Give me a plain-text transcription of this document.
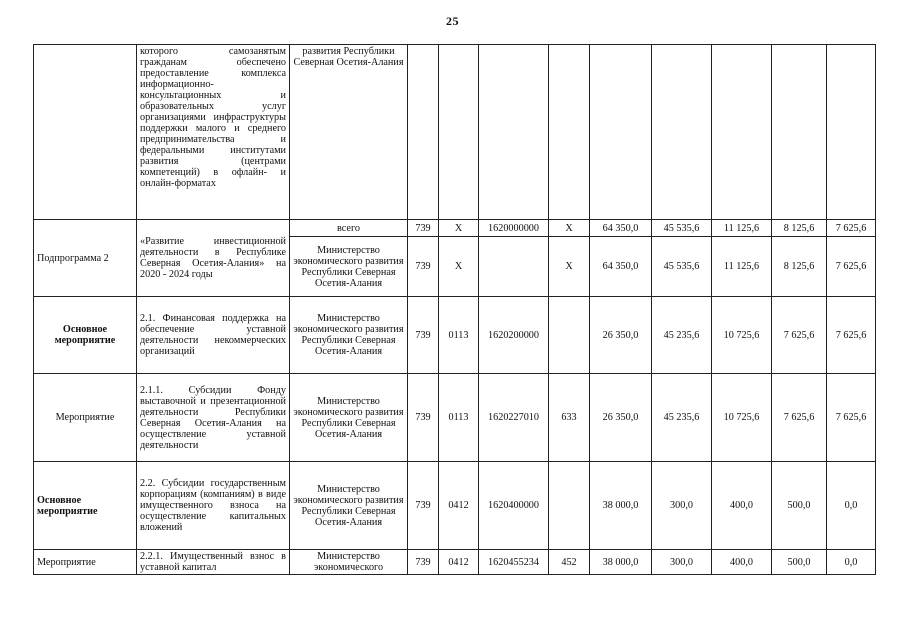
25
	которого самозанятым гражданам обеспечено предоставление комплекса информационно-консультационных и образовательных услуг организациями инфраструктуры поддержки малого и среднего предпринимательства и федеральными институтами развития (центрами компетенций) в офлайн- и онлайн-форматах	развития Республики Северная Осетия-Алания									
Подпрограмма 2	«Развитие инвестиционной деятельности в Республике Северная Осетия-Алания» на 2020 - 2024 годы	всего	739	X	1620000000	X	64 350,0	45 535,6	11 125,6	8 125,6	7 625,6
		Министерство экономического развития Республики Северная Осетия-Алания	739	X		X	64 350,0	45 535,6	11 125,6	8 125,6	7 625,6
Основное мероприятие	2.1. Финансовая поддержка на обеспечение уставной деятельности некоммерческих организаций	Министерство экономического развития Республики Северная Осетия-Алания	739	0113	1620200000		26 350,0	45 235,6	10 725,6	7 625,6	7 625,6
Мероприятие	2.1.1. Субсидии Фонду выставочной и презентационной деятельности Республики Северная Осетия-Алания на осуществление уставной деятельности	Министерство экономического развития Республики Северная Осетия-Алания	739	0113	1620227010	633	26 350,0	45 235,6	10 725,6	7 625,6	7 625,6
Основное мероприятие	2.2. Субсидии государственным корпорациям (компаниям) в виде имущественного взноса на осуществление капитальных вложений	Министерство экономического развития Республики Северная Осетия-Алания	739	0412	1620400000		38 000,0	300,0	400,0	500,0	0,0
Мероприятие	2.2.1. Имущественный взнос в уставной капитал	Министерство экономического	739	0412	1620455234	452	38 000,0	300,0	400,0	500,0	0,0
